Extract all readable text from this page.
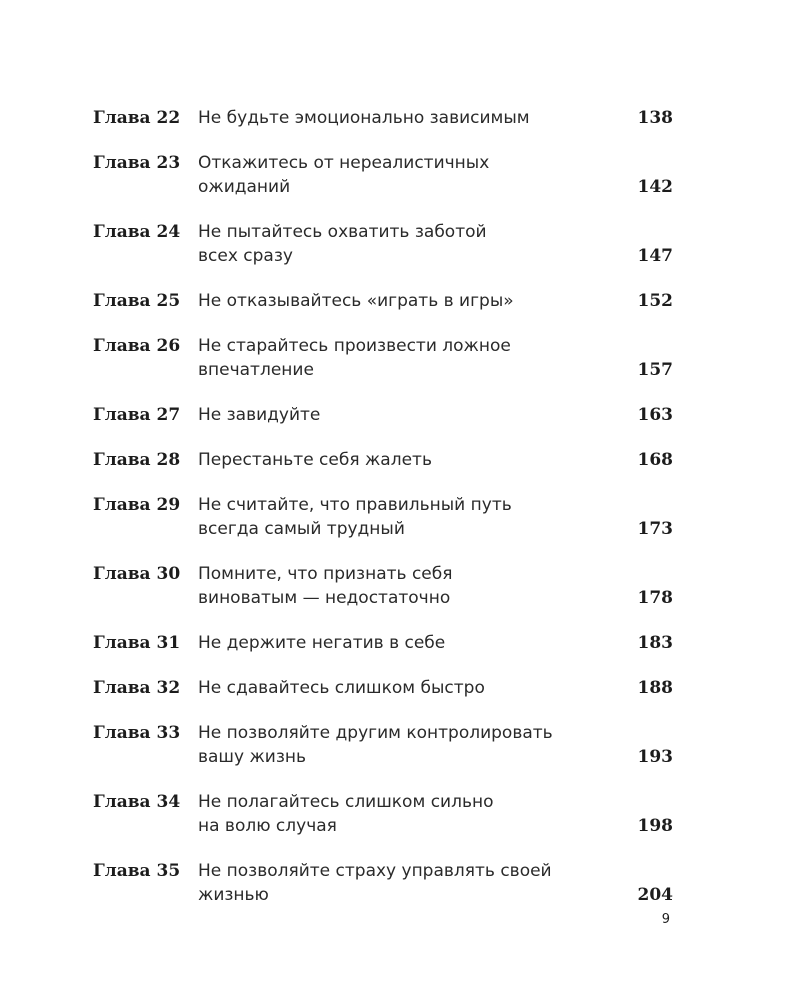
Глава 22	Не будьте эмоционально зависимым	138
Глава 23	Откажитесь от нереалистичных
ожиданий	142
Глава 24	Не пытайтесь охватить заботой
всех сразу	147
Глава 25	Не отказывайтесь «играть в игры»	152
Глава 26	Не старайтесь произвести ложное
впечатление	157
Глава 27	Не завидуйте	163
Глава 28	Перестаньте себя жалеть	168
Глава 29	Не считайте, что правильный путь
всегда самый трудный	173
Глава 30	Помните, что признать себя
виноватым — недостаточно	178
Глава 31	Не держите негатив в себе	183
Глава 32	Не сдавайтесь слишком быстро	188
Глава 33	Не позволяйте другим контролировать
вашу жизнь	193
Глава 34	Не полагайтесь слишком сильно
на волю случая	198
Глава 35	Не позволяйте страху управлять своей
жизнью	204
9
